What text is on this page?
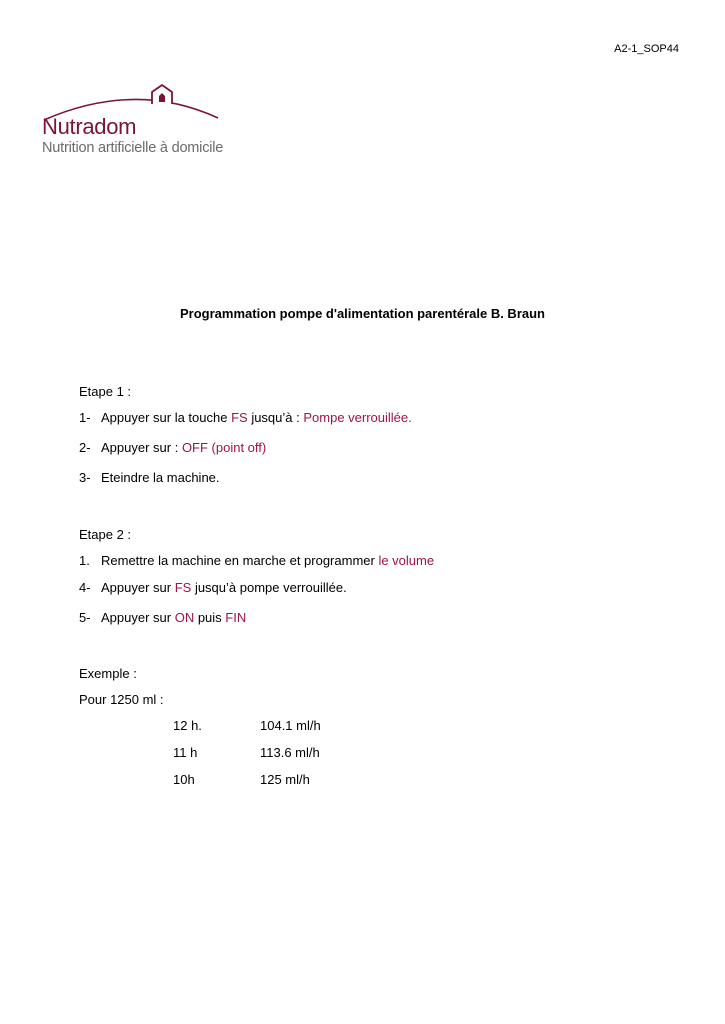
A2-1_SOP44
Nutradom
Nutrition artificielle à domicile
Programmation pompe d'alimentation parentérale B. Braun
Etape 1 :
1- Appuyer sur la touche FS jusqu’à : Pompe verrouillée.
2- Appuyer sur : OFF (point off)
3- Eteindre la machine.
Etape 2 :
1. Remettre la machine en marche et programmer le volume
4- Appuyer sur FS jusqu’à pompe verrouillée.
5- Appuyer sur ON puis FIN
Exemple :
Pour 1250 ml :
12 h.	104.1 ml/h
11 h	113.6 ml/h
10h	125 ml/h
